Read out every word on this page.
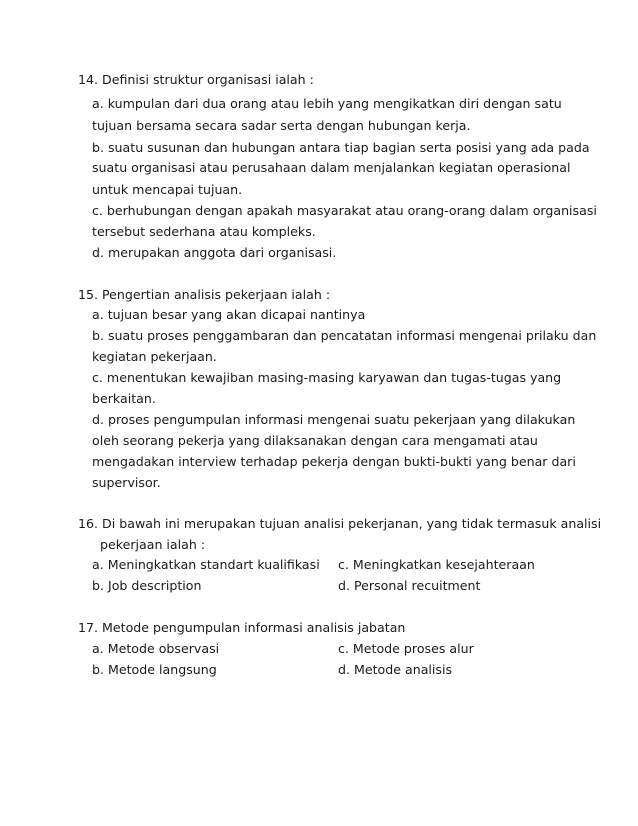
14. Definisi struktur organisasi ialah :
a. kumpulan dari dua orang atau lebih yang mengikatkan diri dengan satu
tujuan bersama secara sadar serta dengan hubungan kerja.
b. suatu susunan dan hubungan antara tiap bagian serta posisi yang ada pada
suatu organisasi atau perusahaan dalam menjalankan kegiatan operasional
untuk mencapai tujuan.
c. berhubungan dengan apakah masyarakat atau orang-orang dalam organisasi
tersebut sederhana atau kompleks.
d. merupakan anggota dari organisasi.
15. Pengertian analisis pekerjaan ialah :
a. tujuan besar yang akan dicapai nantinya
b. suatu proses penggambaran dan pencatatan informasi mengenai prilaku dan
kegiatan pekerjaan.
c. menentukan kewajiban masing-masing karyawan dan tugas-tugas yang
berkaitan.
d. proses pengumpulan informasi mengenai suatu pekerjaan yang dilakukan
oleh seorang pekerja yang dilaksanakan dengan cara mengamati atau
mengadakan interview terhadap pekerja dengan bukti-bukti yang benar dari
supervisor.
16. Di bawah ini merupakan tujuan analisi pekerjanan, yang tidak termasuk analisi
pekerjaan ialah :
a. Meningkatkan standart kualifikasi c. Meningkatkan kesejahteraan
b. Job description	d. Personal recuitment
17. Metode pengumpulan informasi analisis jabatan
a. Metode observasi	c. Metode proses alur
b. Metode langsung	d. Metode analisis
